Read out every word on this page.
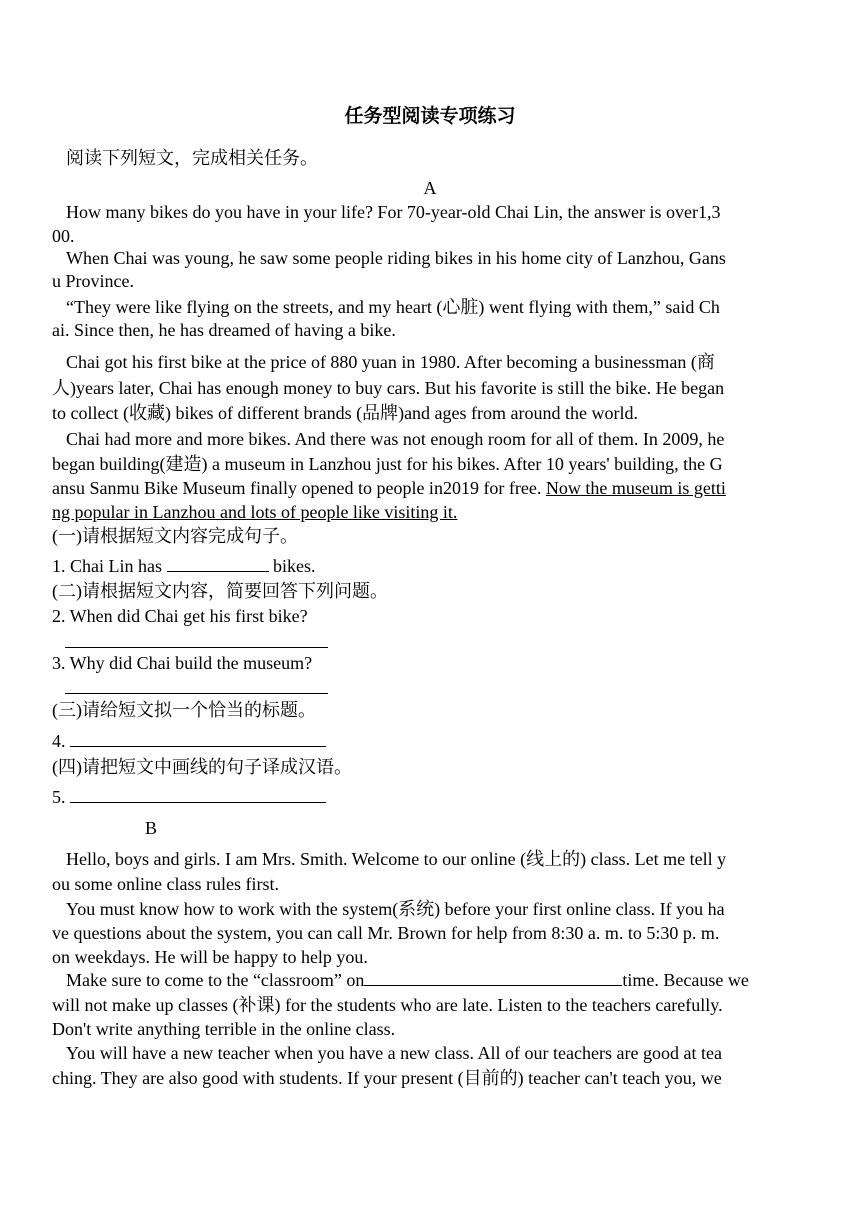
任务型阅读专项练习
阅读下列短文，完成相关任务。
A
How many bikes do you have in your life? For 70-year-old Chai Lin, the answer is over1,3
00.
When Chai was young, he saw some people riding bikes in his home city of Lanzhou, Gans
u Province.
“They were like flying on the streets, and my heart (心脏) went flying with them,” said Ch
ai. Since then, he has dreamed of having a bike.
Chai got his first bike at the price of 880 yuan in 1980. After becoming a businessman (商
人)years later, Chai has enough money to buy cars. But his favorite is still the bike. He began
to collect (收藏) bikes of different brands (品牌)and ages from around the world.
Chai had more and more bikes. And there was not enough room for all of them. In 2009, he
began building(建造) a museum in Lanzhou just for his bikes. After 10 years' building, the G
ansu Sanmu Bike Museum finally opened to people in2019 for free. Now the museum is getti
ng popular in Lanzhou and lots of people like visiting it.
(一)请根据短文内容完成句子。
1. Chai Lin has	bikes.
(二)请根据短文内容，简要回答下列问题。
2. When did Chai get his first bike?
3. Why did Chai build the museum?
(三)请给短文拟一个恰当的标题。
4.
(四)请把短文中画线的句子译成汉语。
5.
B
Hello, boys and girls. I am Mrs. Smith. Welcome to our online (线上的) class. Let me tell y
ou some online class rules first.
You must know how to work with the system(系统) before your first online class. If you ha
ve questions about the system, you can call Mr. Brown for help from 8:30 a. m. to 5:30 p. m.
on weekdays. He will be happy to help you.
Make sure to come to the “classroom” on	time. Because we
will not make up classes (补课) for the students who are late. Listen to the teachers carefully.
Don't write anything terrible in the online class.
You will have a new teacher when you have a new class. All of our teachers are good at tea
ching. They are also good with students. If your present (目前的) teacher can't teach you, we
